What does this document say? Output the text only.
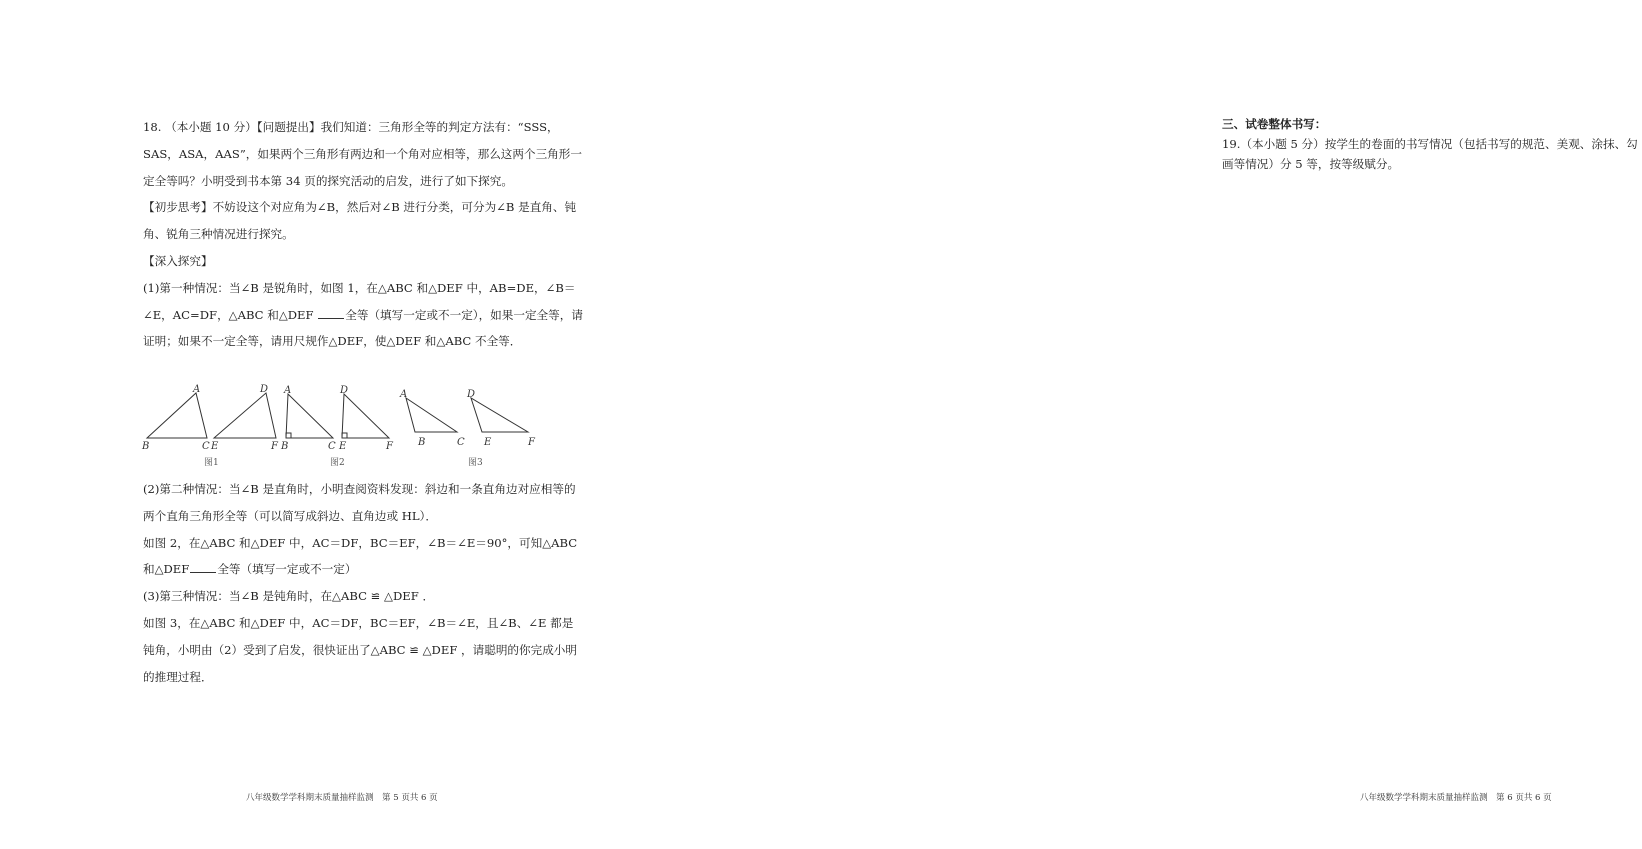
18. （本小题 10 分）【问题提出】我们知道：三角形全等的判定方法有：“SSS，SAS，ASA，AAS”，如果两个三角形有两边和一个角对应相等，那么这两个三角形一定全等吗？小明受到书本第 34 页的探究活动的启发，进行了如下探究。

【初步思考】不妨设这个对应角为∠B，然后对∠B 进行分类，可分为∠B 是直角、钝角、锐角三种情况进行探究。

【深入探究】

(1)第一种情况：当∠B 是锐角时，如图 1，在△ABC 和△DEF 中，AB=DE，∠B＝∠E，AC=DF，△ABC 和△DEF 全等（填写一定或不一定），如果一定全等，请证明；如果不一定全等，请用尺规作△DEF，使△DEF 和△ABC 不全等．

A
B	C E
D
F
A
B	C
D
E	F
A
B	C
D
E	F
图1	图2	图3

(2)第二种情况：当∠B 是直角时，小明查阅资料发现：斜边和一条直角边对应相等的两个直角三角形全等（可以简写成斜边、直角边或 HL）．

如图 2，在△ABC 和△DEF 中，AC＝DF，BC＝EF，∠B＝∠E＝90°，可知△ABC 和△DEF 全等（填写一定或不一定）

(3)第三种情况：当∠B 是钝角时，在△ABC ≌ △DEF ．

如图 3，在△ABC 和△DEF 中，AC＝DF，BC＝EF，∠B＝∠E，且∠B、∠E 都是钝角，小明由（2）受到了启发，很快证出了△ABC ≌ △DEF ，请聪明的你完成小明的推理过程．

八年级数学学科期末质量抽样监测　第 5 页共 6 页

三、试卷整体书写：

19.（本小题 5 分）按学生的卷面的书写情况（包括书写的规范、美观、涂抹、勾画等情况）分 5 等，按等级赋分。

八年级数学学科期末质量抽样监测　第 6 页共 6 页
